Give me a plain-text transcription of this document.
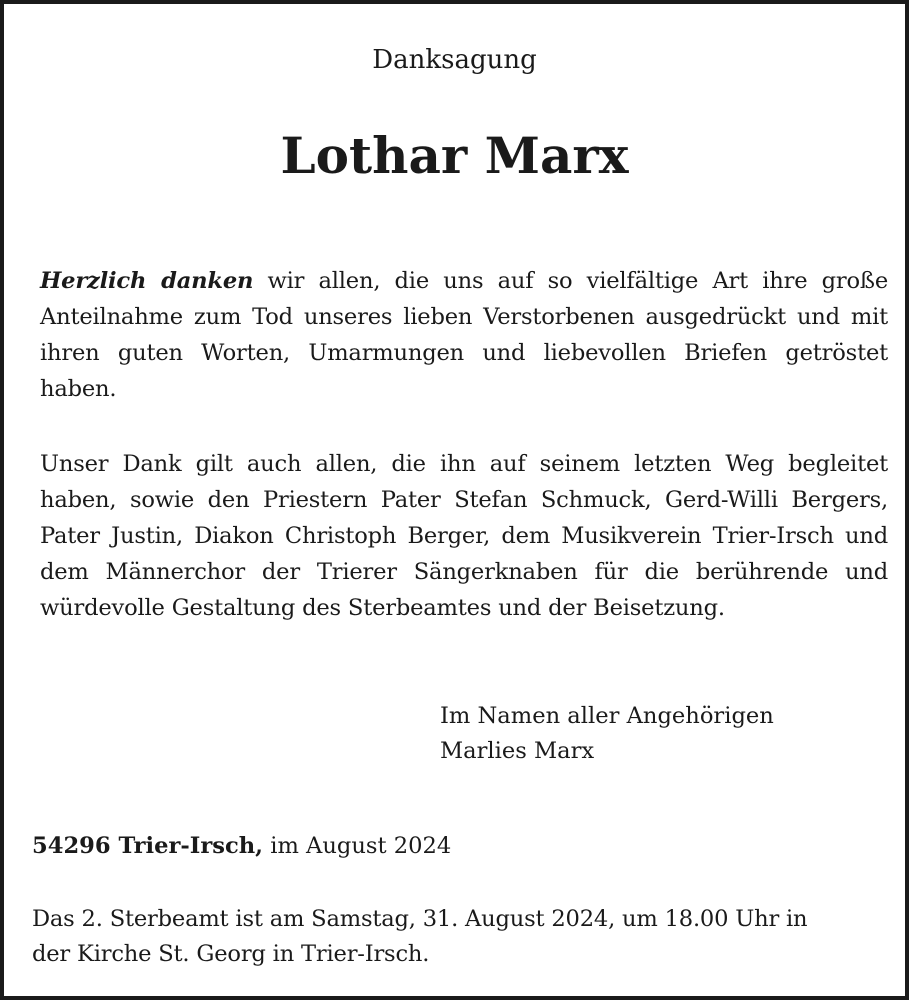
Danksagung
Lothar Marx
Herzlich danken wir allen, die uns auf so vielfältige Art ihre große Anteilnahme zum Tod unseres lieben Verstorbenen ausgedrückt und mit ihren guten Worten, Umarmungen und liebevollen Briefen getröstet haben.
Unser Dank gilt auch allen, die ihn auf seinem letzten Weg begleitet haben, sowie den Priestern Pater Stefan Schmuck, Gerd-Willi Bergers, Pater Justin, Diakon Christoph Berger, dem Musikverein Trier-Irsch und dem Männerchor der Trierer Sängerknaben für die berührende und würdevolle Gestaltung des Sterbeamtes und der Beisetzung.
Im Namen aller Angehörigen
Marlies Marx
54296 Trier-Irsch, im August 2024
Das 2. Sterbeamt ist am Samstag, 31. August 2024, um 18.00 Uhr in
der Kirche St. Georg in Trier-Irsch.
